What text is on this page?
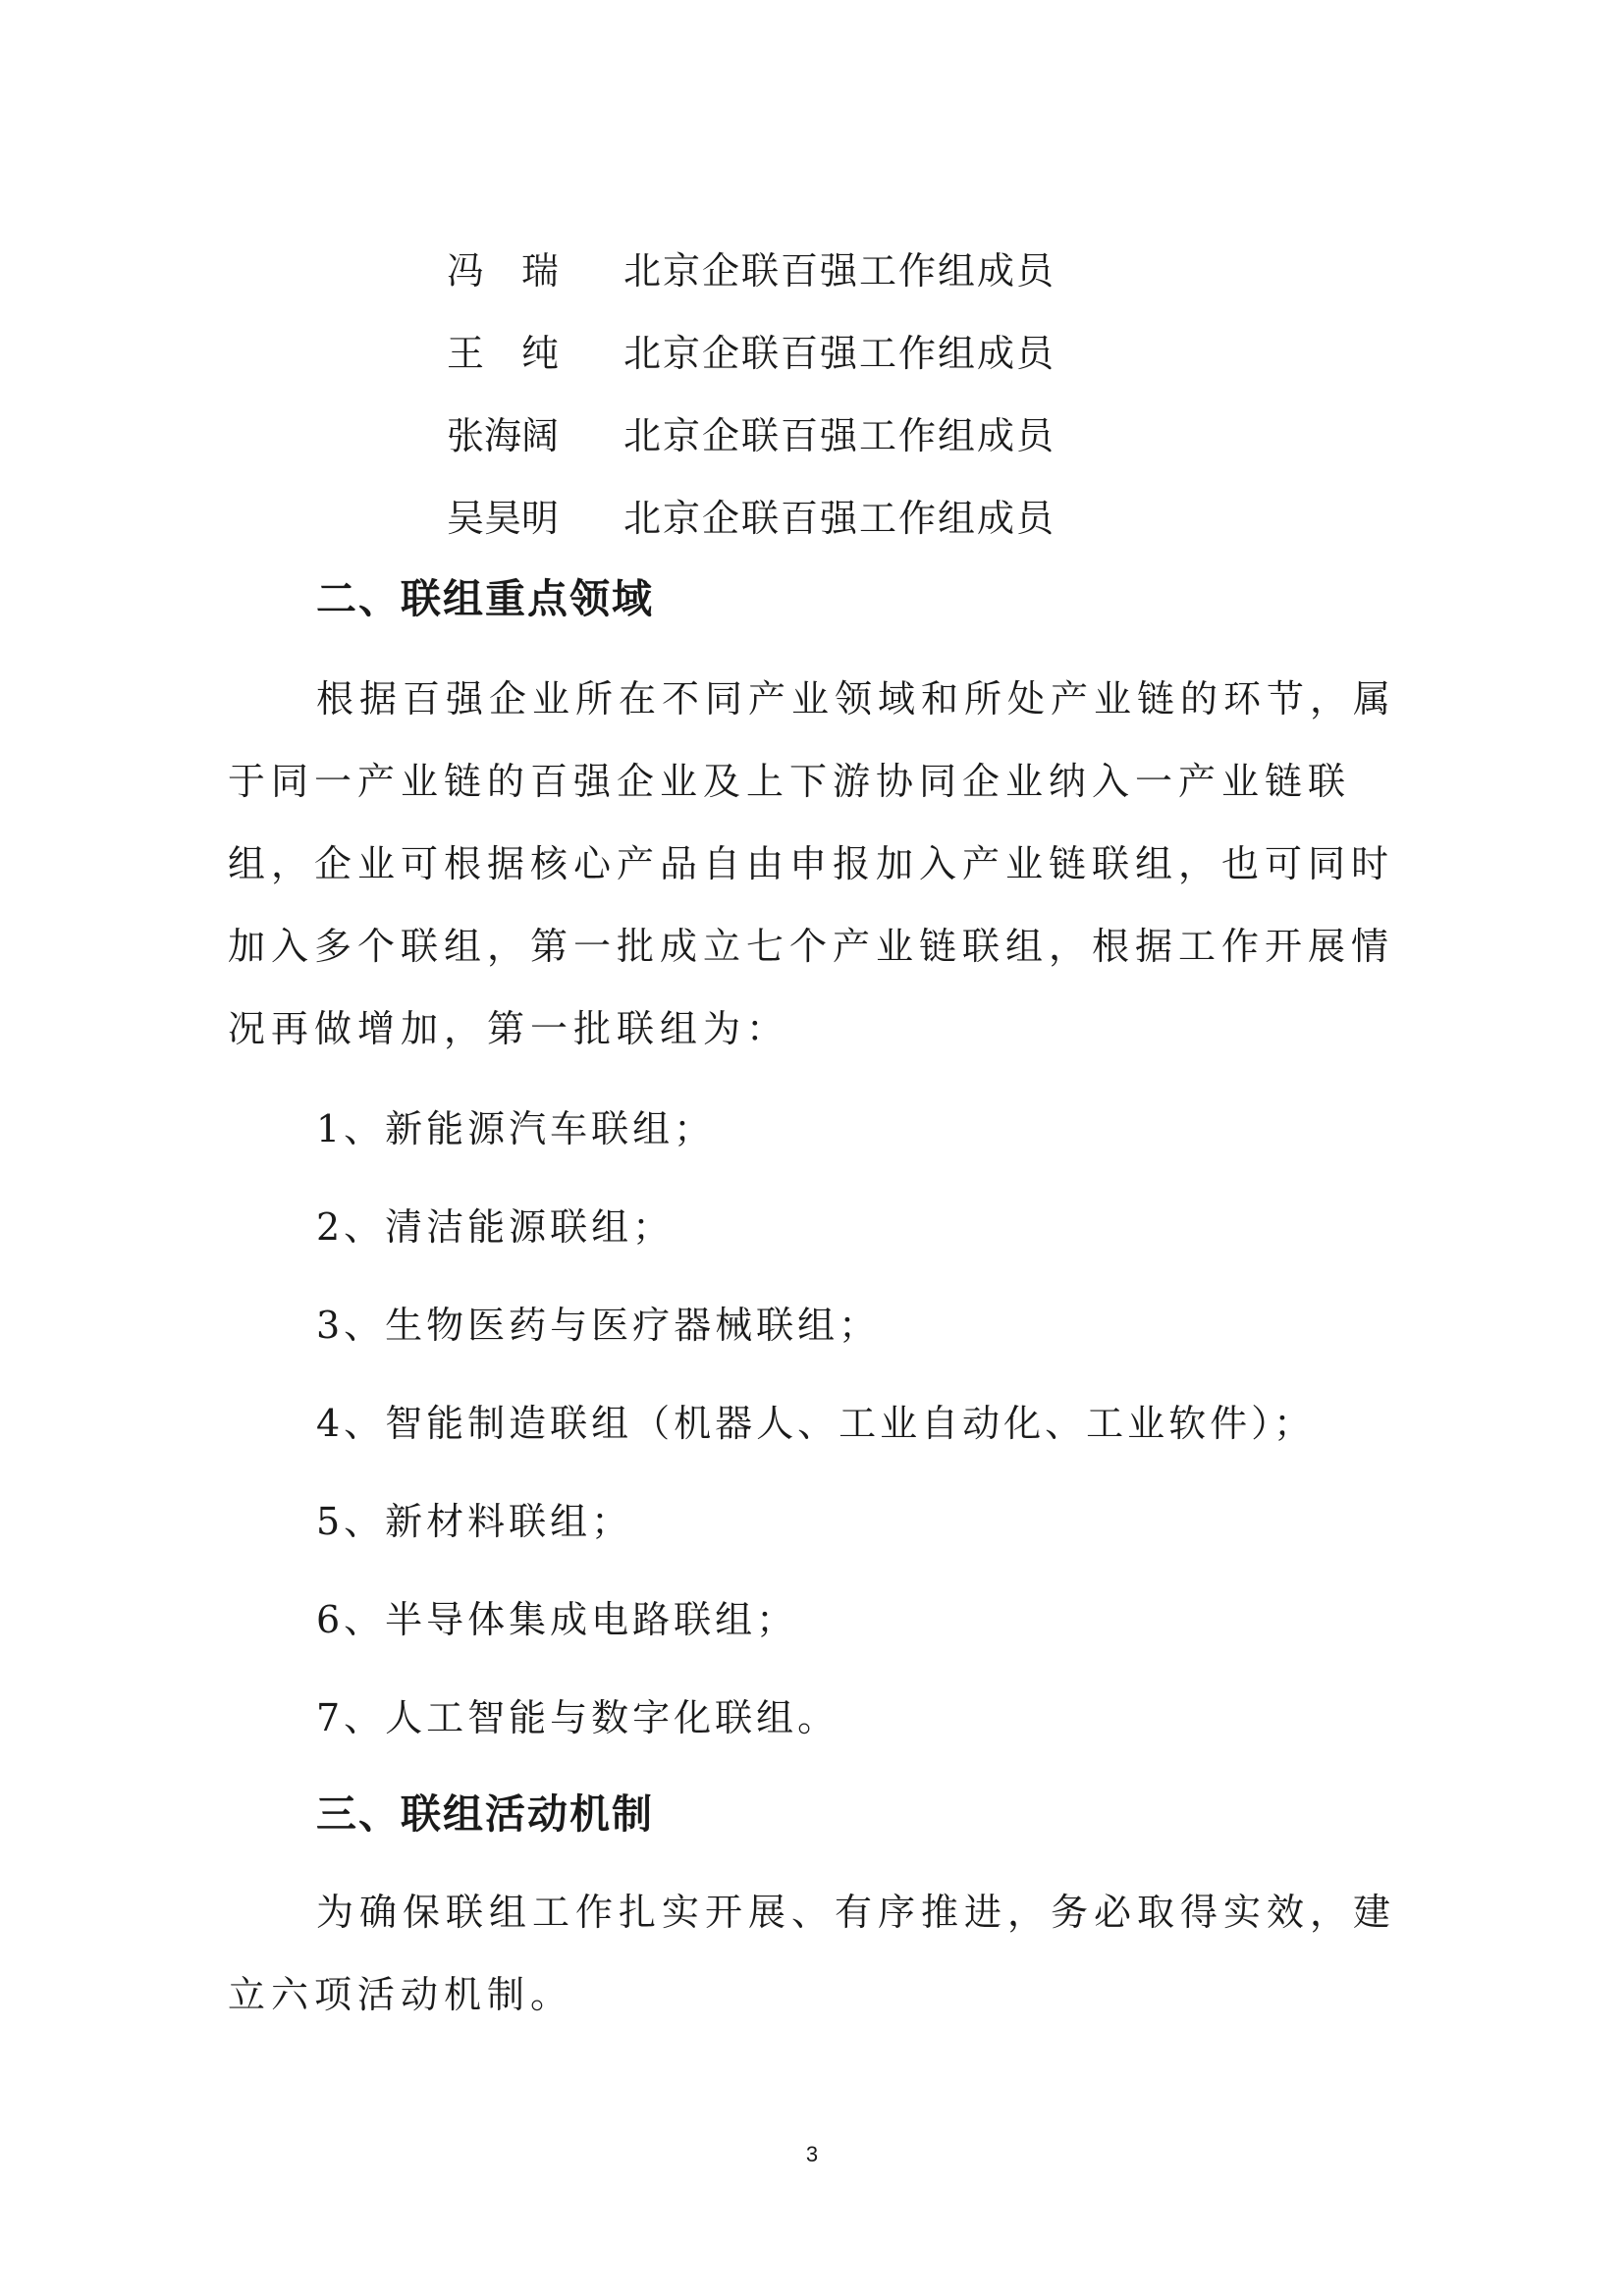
冯　瑞 北京企联百强工作组成员
王　纯 北京企联百强工作组成员
张海阔 北京企联百强工作组成员
吴昊明 北京企联百强工作组成员
二、联组重点领域
根据百强企业所在不同产业领域和所处产业链的环节，属
于同一产业链的百强企业及上下游协同企业纳入一产业链联
组，企业可根据核心产品自由申报加入产业链联组，也可同时
加入多个联组，第一批成立七个产业链联组，根据工作开展情
况再做增加，第一批联组为：
1、新能源汽车联组；
2、清洁能源联组；
3、生物医药与医疗器械联组；
4、智能制造联组（机器人、工业自动化、工业软件）；
5、新材料联组；
6、半导体集成电路联组；
7、人工智能与数字化联组。
三、联组活动机制
为确保联组工作扎实开展、有序推进，务必取得实效，建
立六项活动机制。
3
